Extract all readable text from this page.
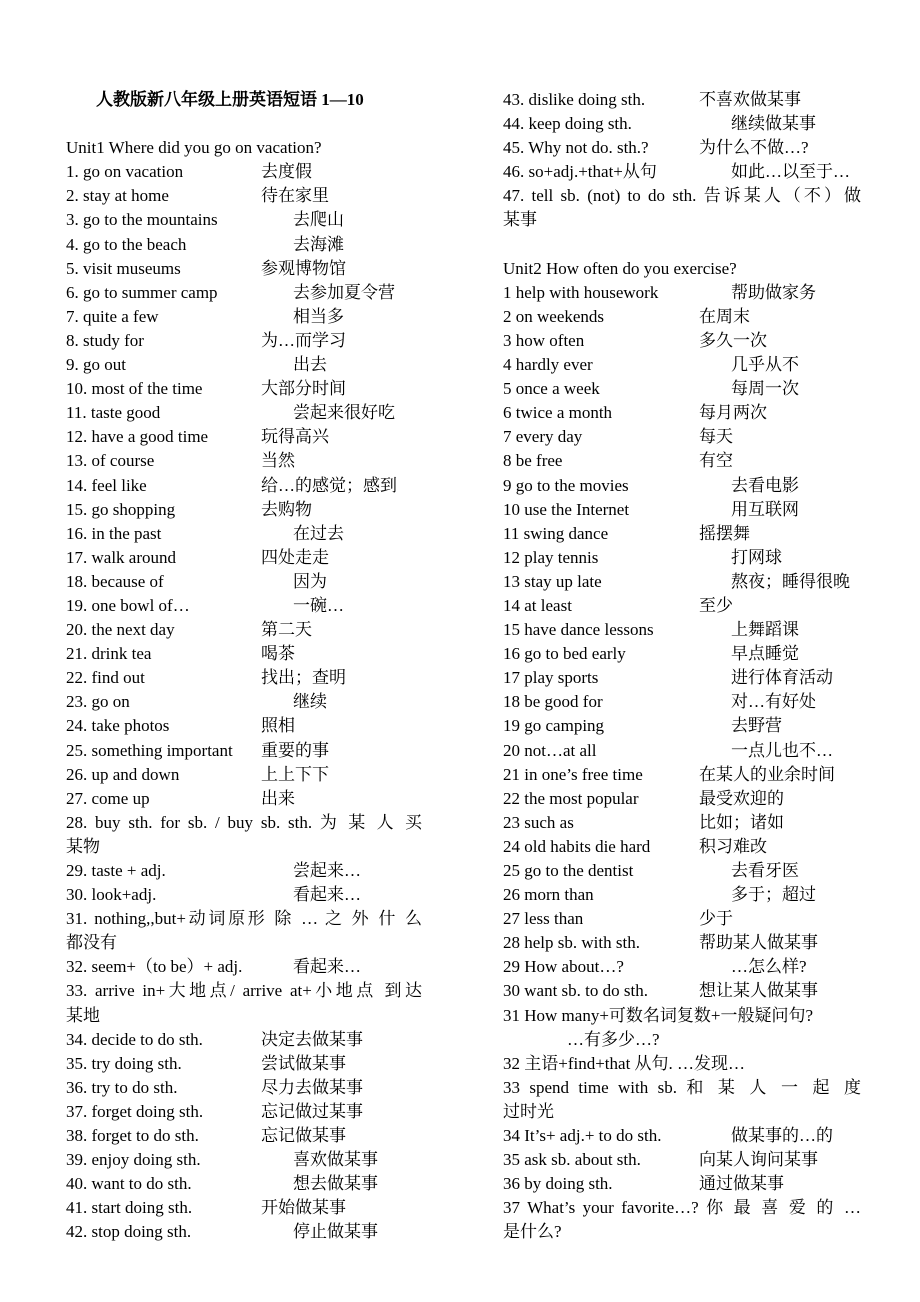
人教版新八年级上册英语短语 1—10
Unit1 Where did you go on vacation?
1. go on vacation	去度假
2. stay at home	待在家里
3. go to the mountains	去爬山
4. go to the beach	去海滩
5. visit museums	参观博物馆
6. go to summer camp	去参加夏令营
7. quite a few	相当多
8. study for	为…而学习
9. go out	出去
10. most of the time	大部分时间
11. taste good	尝起来很好吃
12. have a good time	玩得高兴
13. of course	当然
14. feel like	给…的感觉；感到
15. go shopping	去购物
16. in the past	在过去
17. walk around	四处走走
18. because of	因为
19. one bowl of…	一碗…
20. the next day	第二天
21. drink tea	喝茶
22. find out	找出；查明
23. go on	继续
24. take photos	照相
25. something important 重要的事
26. up and down	上上下下
27. come up	出来
28. buy sth. for sb. / buy sb. sth. 为 某 人 买
某物
29. taste + adj.	尝起来…
30. look+adj.	看起来…
31. nothing,,but+动词原形 除 … 之 外 什 么
都没有
32. seem+（to be）+ adj.	看起来…
33. arrive in+大地点/ arrive at+小地点 到达
某地
34. decide to do sth.	决定去做某事
35. try doing sth.	尝试做某事
36. try to do sth.	尽力去做某事
37. forget doing sth.	忘记做过某事
38. forget to do sth.	忘记做某事
39. enjoy doing sth.	喜欢做某事
40. want to do sth.	想去做某事
41. start doing sth.	开始做某事
42. stop doing sth.	停止做某事
43. dislike doing sth.	不喜欢做某事
44. keep doing sth.	继续做某事
45. Why not do. sth.?	为什么不做…?
46. so+adj.+that+从句	如此…以至于…
47. tell sb. (not) to do sth. 告诉某人（不）做
某事
Unit2 How often do you exercise?
1 help with housework	帮助做家务
2 on weekends	在周末
3 how often	多久一次
4 hardly ever	几乎从不
5 once a week	每周一次
6 twice a month	每月两次
7 every day	每天
8 be free	有空
9 go to the movies	去看电影
10 use the Internet	用互联网
11 swing dance	摇摆舞
12 play tennis	打网球
13 stay up late	熬夜；睡得很晚
14 at least	至少
15 have dance lessons	上舞蹈课
16 go to bed early	早点睡觉
17 play sports	进行体育活动
18 be good for	对…有好处
19 go camping	去野营
20 not…at all	一点儿也不…
21 in one’s free time	在某人的业余时间
22 the most popular	最受欢迎的
23 such as	比如；诸如
24 old habits die hard	积习难改
25 go to the dentist	去看牙医
26 morn than	多于；超过
27 less than	少于
28 help sb. with sth.	帮助某人做某事
29 How about…?	…怎么样?
30 want sb. to do sth.	想让某人做某事
31 How many+可数名词复数+一般疑问句?
…有多少…?
32 主语+find+that 从句. …发现…
33 spend time with sb. 和 某 人 一 起 度
过时光
34 It’s+ adj.+ to do sth.	做某事的…的
35 ask sb. about sth.	向某人询问某事
36 by doing sth.	通过做某事
37 What’s your favorite…? 你 最 喜 爱 的 …
是什么?
